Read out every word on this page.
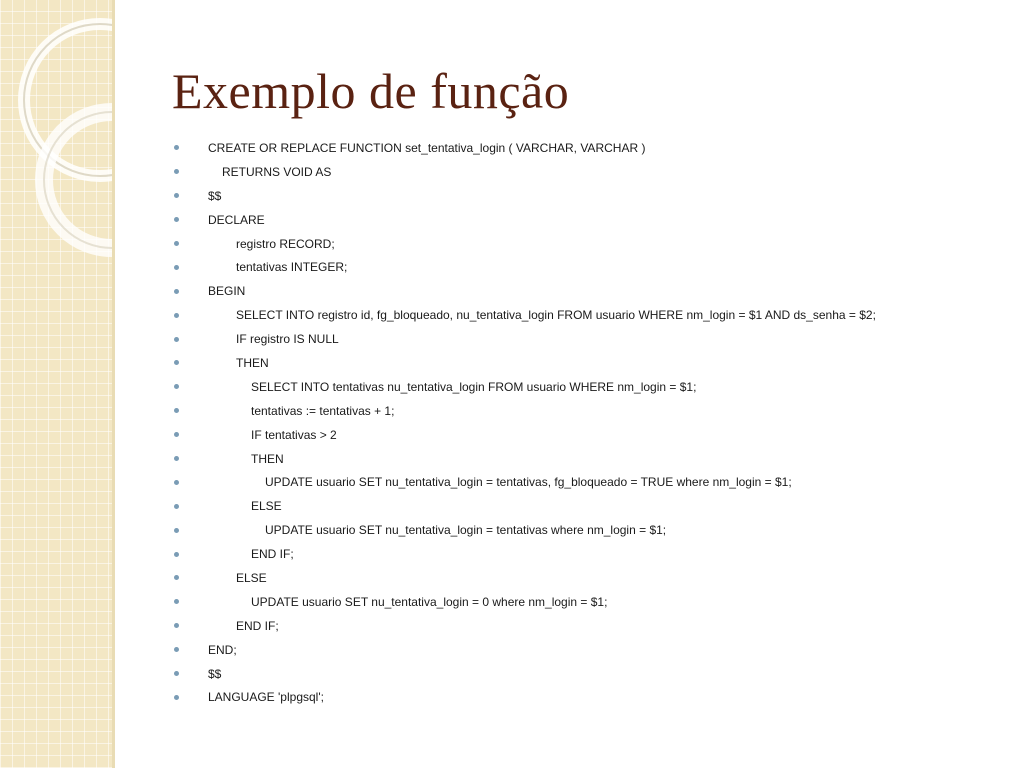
Exemplo de função
CREATE OR REPLACE FUNCTION set_tentativa_login ( VARCHAR, VARCHAR )
RETURNS VOID AS
$$
DECLARE
registro RECORD;
tentativas INTEGER;
BEGIN
SELECT INTO registro id, fg_bloqueado, nu_tentativa_login FROM usuario WHERE nm_login = $1 AND ds_senha = $2;
IF registro IS NULL
THEN
SELECT INTO tentativas nu_tentativa_login FROM usuario WHERE nm_login = $1;
tentativas := tentativas + 1;
IF tentativas > 2
THEN
UPDATE usuario SET nu_tentativa_login = tentativas, fg_bloqueado = TRUE where nm_login = $1;
ELSE
UPDATE usuario SET nu_tentativa_login = tentativas where nm_login = $1;
END IF;
ELSE
UPDATE usuario SET nu_tentativa_login = 0 where nm_login = $1;
END IF;
END;
$$
LANGUAGE 'plpgsql';
